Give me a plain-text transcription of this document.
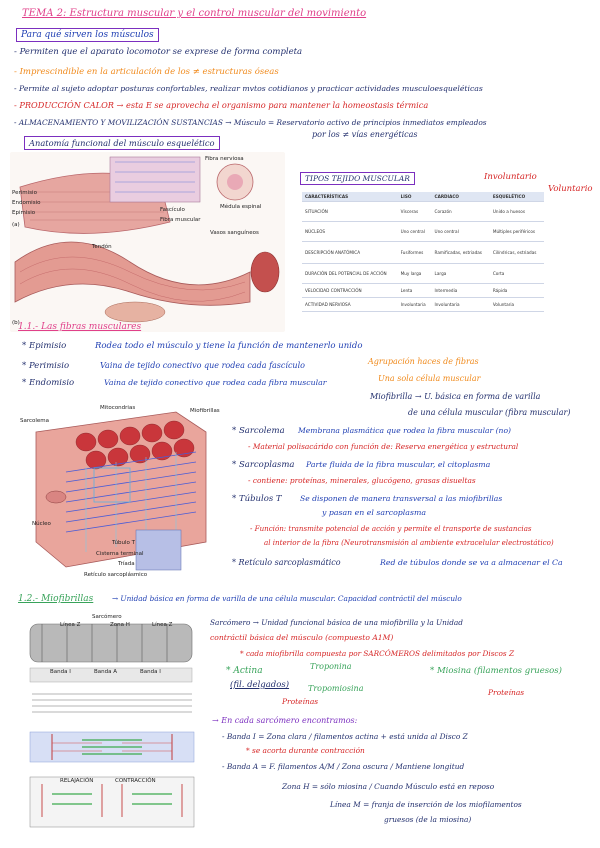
TEMA 2: Estructura muscular y el control muscular del movimiento
Para qué sirven los músculos
- Permiten que el aparato locomotor se exprese de forma completa
- Imprescindible en la articulación de los ≠ estructuras óseas
- Permite al sujeto adoptar posturas confortables, realizar mvtos cotidianos y practicar actividades musculoesqueléticas
- PRODUCCIÓN CALOR → esta E se aprovecha el organismo para mantener la homeostasis térmica
- ALMACENAMIENTO Y MOVILIZACIÓN SUSTANCIAS → Músculo = Reservatorio activo de principios inmediatos empleados
por los ≠ vías energéticas
Anatomía funcional del músculo esquelético
Perimisio
Endomisio
Epimisio	Fascículo
Fibra muscular
Tendón
Vasos sanguíneos
Médula espinal
Fibra nerviosa
(a)
(b)
TIPOS TEJIDO MUSCULAR	Involuntario
Voluntario
CARACTERÍSTICAS	LISO	CARDIACO	ESQUELÉTICO
SITUACIÓN	Vísceras	Corazón	Unido a huesos
NÚCLEOS	Uno central	Uno central	Múltiples periféricos
DESCRIPCIÓN ANATÓMICA	Fusiformes	Ramificadas, estriadas	Cilíndricas, estriadas
DURACIÓN DEL POTENCIAL DE ACCIÓN	Muy larga	Larga	Corta
VELOCIDAD CONTRACCIÓN	Lenta	Intermedia	Rápida
ACTIVIDAD NERVIOSA	Involuntaria	Involuntaria	Voluntaria
1.1.- Las fibras musculares
* Epimisio	Rodea todo el músculo y tiene la función de mantenerlo unido
* Perimisio	Vaina de tejido conectivo que rodea cada fascículo	Agrupación haces de fibras
* Endomisio	Vaina de tejido conectivo que rodea cada fibra muscular	Una sola célula muscular
Miofibrilla → U. básica en forma de varilla
de una célula muscular (fibra muscular)
Miofibrillas
Sarcolema
Mitocondrias
Núcleo
Túbulo T
Cisterna terminal
Tríada
Retículo sarcoplásmico
* Sarcolema Membrana plasmática que rodea la fibra muscular (no)
- Material polisacárido con función de: Reserva energética y estructural
* Sarcoplasma Parte fluida de la fibra muscular, el citoplasma
- contiene: proteínas, minerales, glucógeno, grasas disueltas
* Túbulos T Se disponen de manera transversal a las miofibrillas
y pasan en el sarcoplasma
- Función: transmite potencial de acción y permite el transporte de sustancias
al interior de la fibra (Neurotransmisión al ambiente extracelular electrostático)
* Retículo sarcoplasmático	Red de túbulos donde se va a almacenar el Ca
1.2.- Miofibrillas	→ Unidad básica en forma de varilla de una célula muscular. Capacidad contráctil del músculo
Sarcómero
Línea Z	Zona H	Línea Z
Banda I	Banda A	Banda I
RELAJACIÓN	CONTRACCIÓN
Sarcómero → Unidad funcional básica de una miofibrilla y la Unidad
contráctil básica del músculo (compuesto A1M)
* cada miofibrilla compuesta por SARCÓMEROS delimitados por Discos Z
* Actina
(fil. delgados)
Troponina
Tropomiosina
Proteínas
* Miosina (filamentos gruesos)
Proteínas
→ En cada sarcómero encontramos:
- Banda I = Zona clara / filamentos actina + está unida al Disco Z
* se acorta durante contracción
- Banda A = F. filamentos A/M / Zona oscura / Mantiene longitud
Zona H = sólo miosina / Cuando Músculo está en reposo
Línea M = franja de inserción de los miofilamentos
gruesos (de la miosina)
